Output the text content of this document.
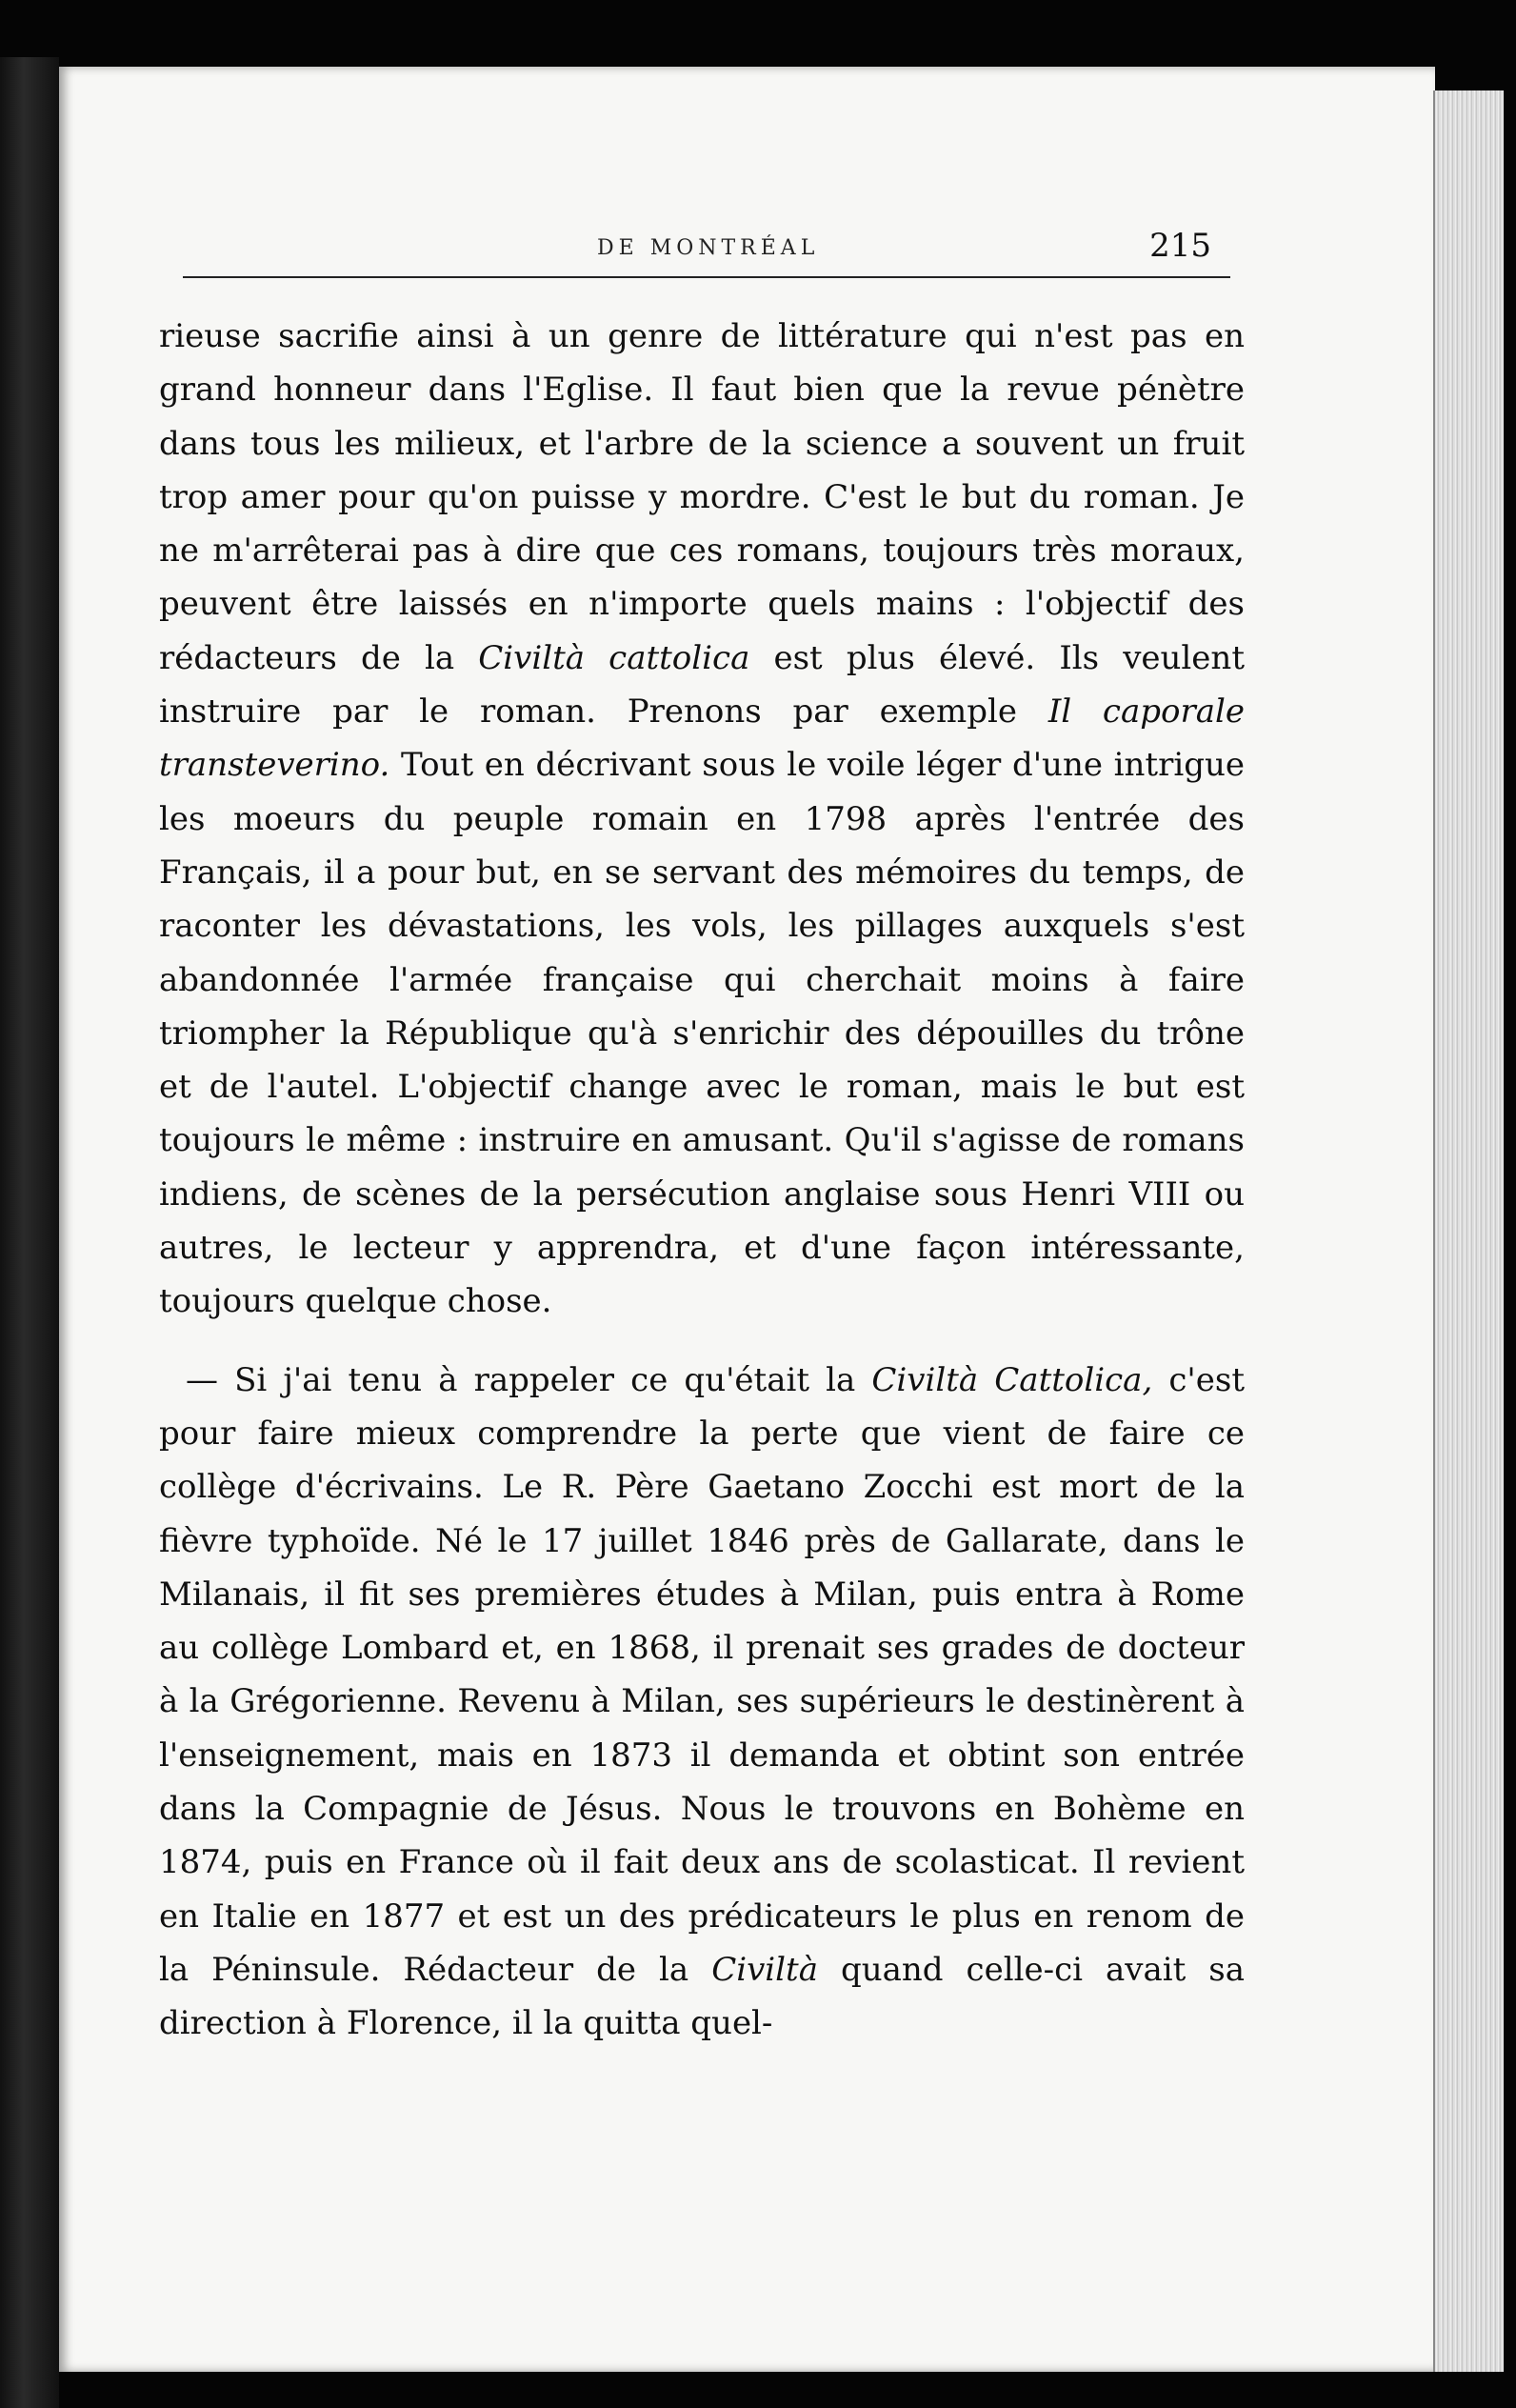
DE MONTRÉAL	215

rieuse sacrifie ainsi à un genre de littérature qui n'est pas en grand honneur dans l'Eglise. Il faut bien que la revue pénètre dans tous les milieux, et l'arbre de la science a souvent un fruit trop amer pour qu'on puisse y mordre. C'est le but du roman. Je ne m'arrêterai pas à dire que ces romans, toujours très moraux, peuvent être laissés en n'importe quels mains : l'objectif des rédacteurs de la Civiltà cattolica est plus élevé. Ils veulent instruire par le roman. Prenons par exemple Il caporale transteverino. Tout en décrivant sous le voile léger d'une intrigue les moeurs du peuple romain en 1798 après l'entrée des Français, il a pour but, en se servant des mémoires du temps, de raconter les dévastations, les vols, les pillages auxquels s'est abandonnée l'armée française qui cherchait moins à faire triompher la République qu'à s'enrichir des dépouilles du trône et de l'autel. L'objectif change avec le roman, mais le but est toujours le même : instruire en amusant. Qu'il s'agisse de romans indiens, de scènes de la persécution anglaise sous Henri VIII ou autres, le lecteur y apprendra, et d'une façon intéressante, toujours quelque chose.

— Si j'ai tenu à rappeler ce qu'était la Civiltà Cattolica, c'est pour faire mieux comprendre la perte que vient de faire ce collège d'écrivains. Le R. Père Gaetano Zocchi est mort de la fièvre typhoïde. Né le 17 juillet 1846 près de Gallarate, dans le Milanais, il fit ses premières études à Milan, puis entra à Rome au collège Lombard et, en 1868, il prenait ses grades de docteur à la Grégorienne. Revenu à Milan, ses supérieurs le destinèrent à l'enseignement, mais en 1873 il demanda et obtint son entrée dans la Compagnie de Jésus. Nous le trouvons en Bohème en 1874, puis en France où il fait deux ans de scolasticat. Il revient en Italie en 1877 et est un des prédicateurs le plus en renom de la Péninsule. Rédacteur de la Civiltà quand celle-ci avait sa direction à Florence, il la quitta quel-
